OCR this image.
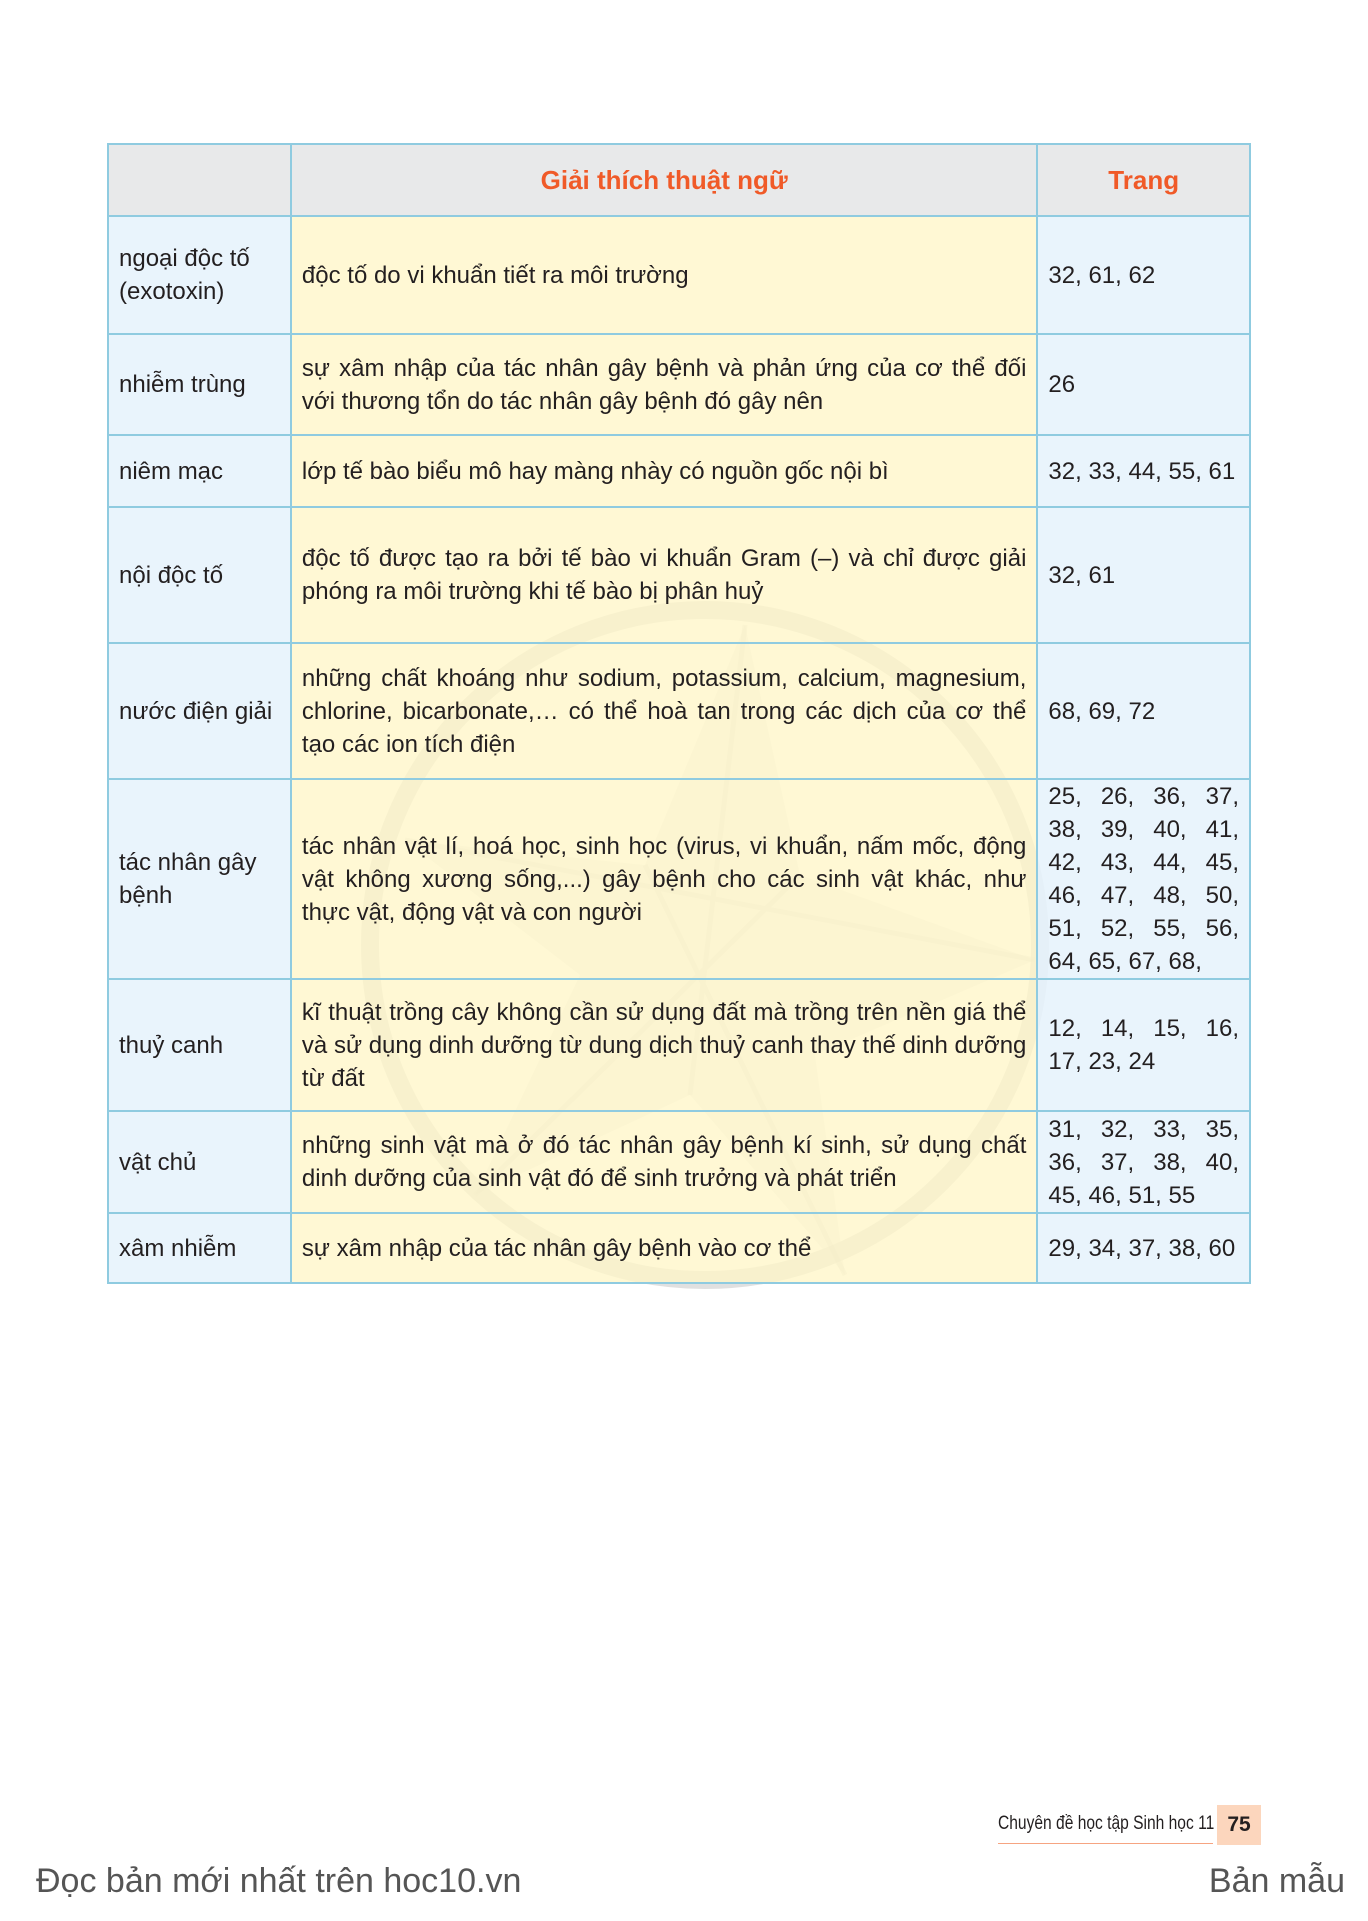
	Giải thích thuật ngữ	Trang
ngoại độc tố (exotoxin)	độc tố do vi khuẩn tiết ra môi trường	32, 61, 62
nhiễm trùng	sự xâm nhập của tác nhân gây bệnh và phản ứng của cơ thể đối với thương tổn do tác nhân gây bệnh đó gây nên	26
niêm mạc	lớp tế bào biểu mô hay màng nhày có nguồn gốc nội bì	32, 33, 44, 55, 61
nội độc tố	độc tố được tạo ra bởi tế bào vi khuẩn Gram (–) và chỉ được giải phóng ra môi trường khi tế bào bị phân huỷ	32, 61
nước điện giải	những chất khoáng như sodium, potassium, calcium, magnesium, chlorine, bicarbonate,… có thể hoà tan trong các dịch của cơ thể tạo các ion tích điện	68, 69, 72
tác nhân gây bệnh	tác nhân vật lí, hoá học, sinh học (virus, vi khuẩn, nấm mốc, động vật không xương sống,...) gây bệnh cho các sinh vật khác, như thực vật, động vật và con người	25, 26, 36, 37, 38, 39, 40, 41, 42, 43, 44, 45, 46, 47, 48, 50, 51, 52, 55, 56, 64, 65, 67, 68,
thuỷ canh	kĩ thuật trồng cây không cần sử dụng đất mà trồng trên nền giá thể và sử dụng dinh dưỡng từ dung dịch thuỷ canh thay thế dinh dưỡng từ đất	12, 14, 15, 16, 17, 23, 24
vật chủ	những sinh vật mà ở đó tác nhân gây bệnh kí sinh, sử dụng chất dinh dưỡng của sinh vật đó để sinh trưởng và phát triển	31, 32, 33, 35, 36, 37, 38, 40, 45, 46, 51, 55
xâm nhiễm	sự xâm nhập của tác nhân gây bệnh vào cơ thể	29, 34, 37, 38, 60
Chuyên đề học tập Sinh học 11 75
Đọc bản mới nhất trên hoc10.vn	Bản mẫu
